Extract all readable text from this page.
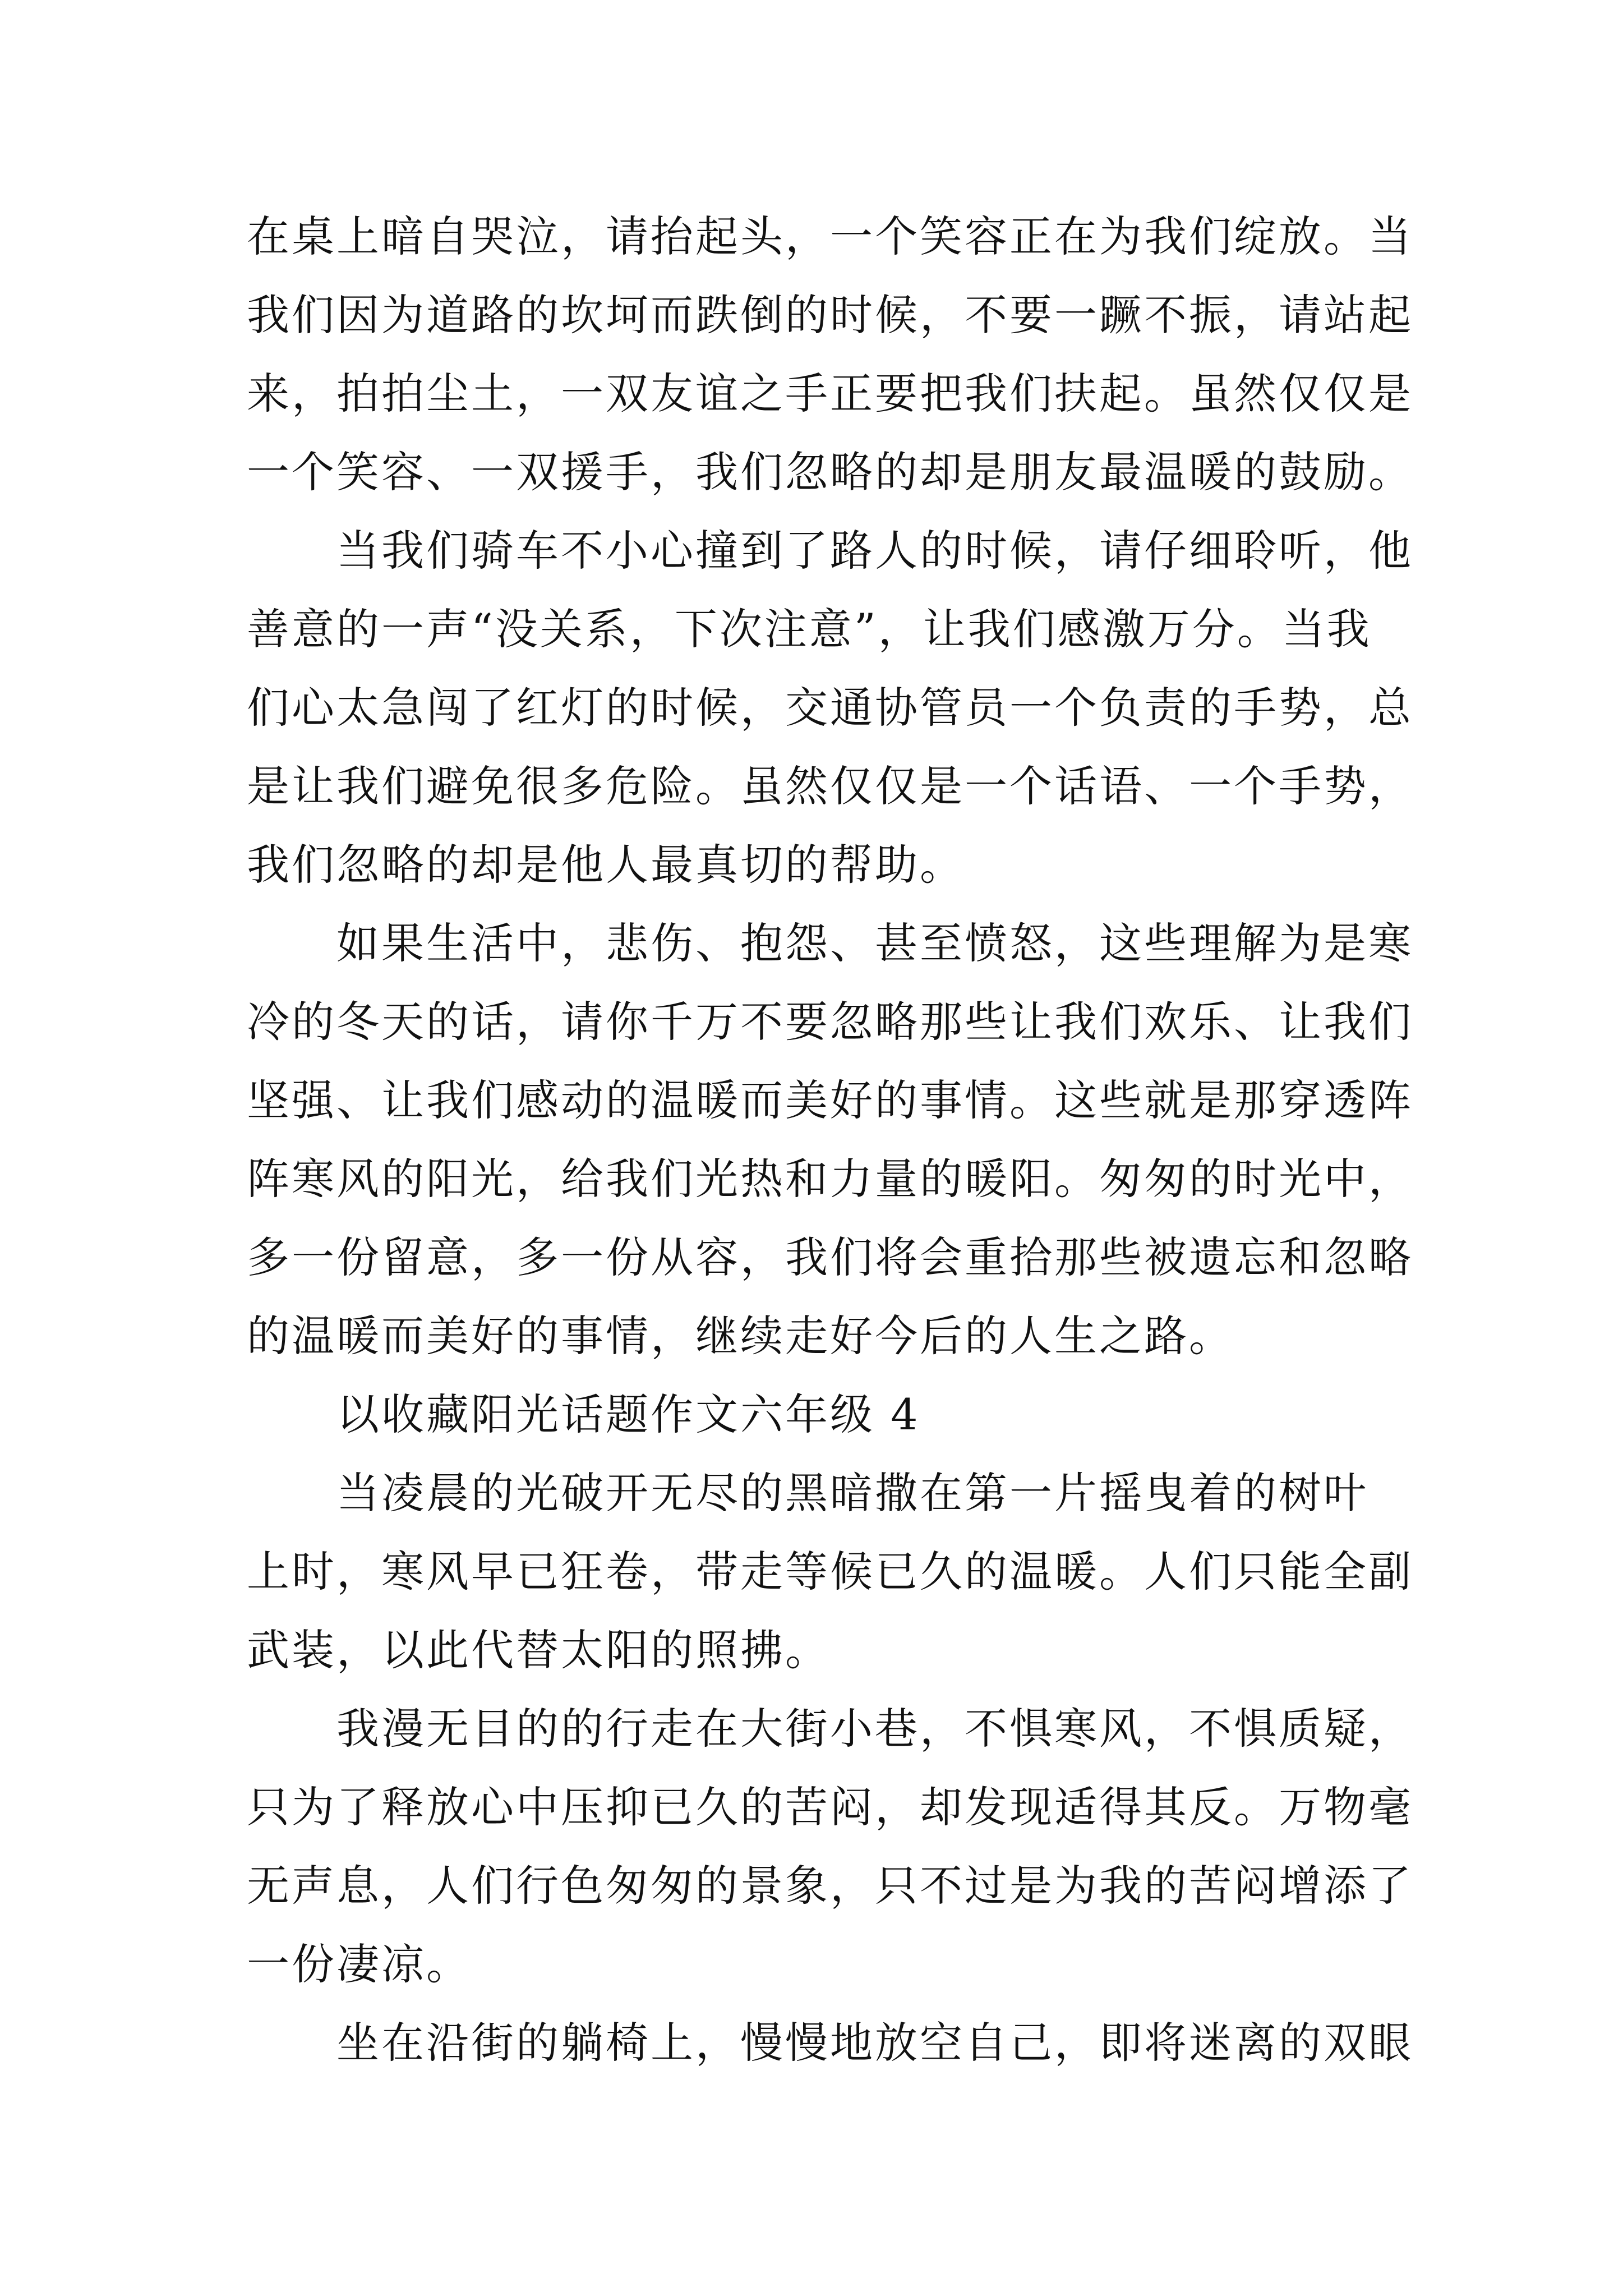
在桌上暗自哭泣，请抬起头，一个笑容正在为我们绽放。当
我们因为道路的坎坷而跌倒的时候，不要一蹶不振，请站起
来，拍拍尘土，一双友谊之手正要把我们扶起。虽然仅仅是
一个笑容、一双援手，我们忽略的却是朋友最温暖的鼓励。
当我们骑车不小心撞到了路人的时候，请仔细聆听，他
善意的一声“没关系，下次注意”，让我们感激万分。当我
们心太急闯了红灯的时候，交通协管员一个负责的手势，总
是让我们避免很多危险。虽然仅仅是一个话语、一个手势，
我们忽略的却是他人最真切的帮助。
如果生活中，悲伤、抱怨、甚至愤怒，这些理解为是寒
冷的冬天的话，请你千万不要忽略那些让我们欢乐、让我们
坚强、让我们感动的温暖而美好的事情。这些就是那穿透阵
阵寒风的阳光，给我们光热和力量的暖阳。匆匆的时光中，
多一份留意，多一份从容，我们将会重拾那些被遗忘和忽略
的温暖而美好的事情，继续走好今后的人生之路。
以收藏阳光话题作文六年级 4
当凌晨的光破开无尽的黑暗撒在第一片摇曳着的树叶
上时，寒风早已狂卷，带走等候已久的温暖。人们只能全副
武装，以此代替太阳的照拂。
我漫无目的的行走在大街小巷，不惧寒风，不惧质疑，
只为了释放心中压抑已久的苦闷，却发现适得其反。万物毫
无声息，人们行色匆匆的景象，只不过是为我的苦闷增添了
一份凄凉。
坐在沿街的躺椅上，慢慢地放空自己，即将迷离的双眼
